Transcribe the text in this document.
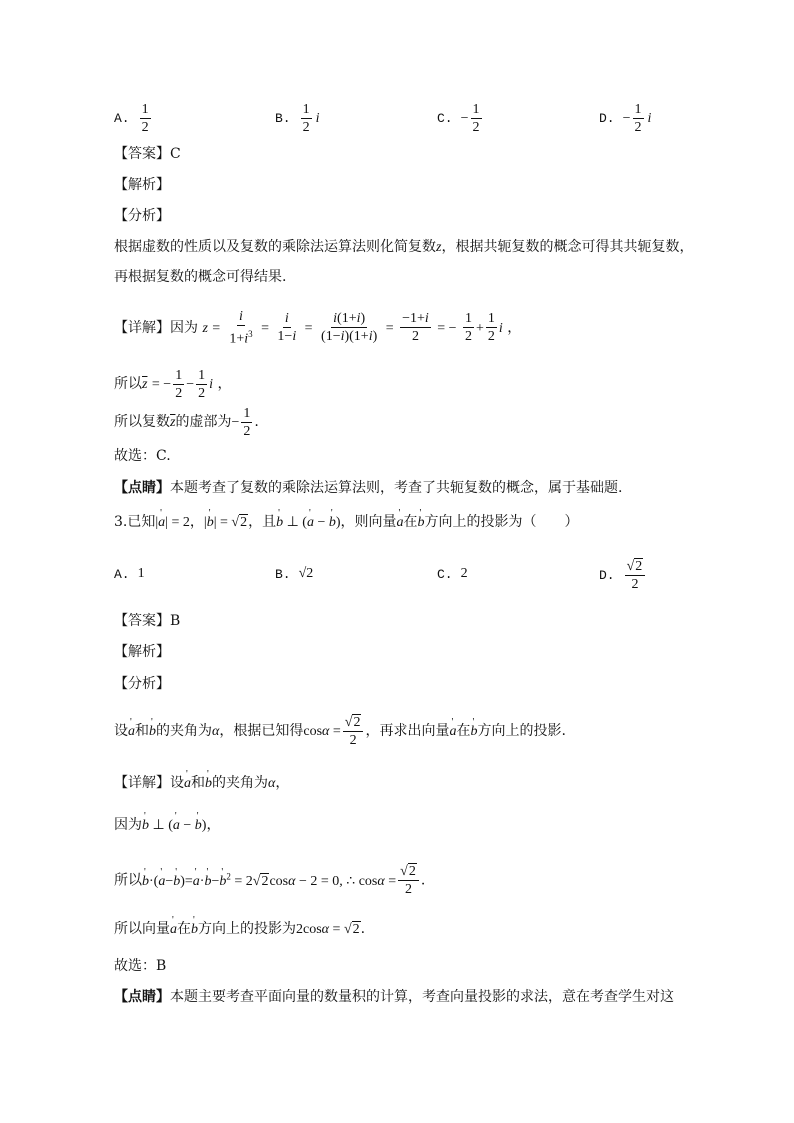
A. $\frac{1}{2}$	B. $\frac{1}{2}$ i	C. − $\frac{1}{2}$	D. − $\frac{1}{2}$ i
【答案】C
【解析】
【分析】
根据虚数的性质以及复数的乘除法运算法则化简复数z，根据共轭复数的概念可得其共轭复数，
再根据复数的概念可得结果.
【详解】因为 $z = \frac{i}{1+i^3} = \frac{i}{1-i} = \frac{i(1+i)}{(1-i)(1+i)} = \frac{-1+i}{2}$ = − $\frac{1}{2} + \frac{1}{2}$ i ，
所以$\overline{z}$ = − $\frac{1}{2} - \frac{1}{2}$ i ，
所以复数$\overline{z}$的虚部为− $\frac{1}{2}$ .
故选：C.
【点睛】本题考查了复数的乘除法运算法则，考查了共轭复数的概念，属于基础题.
3.已知|' a| = 2，|' b| = √2，且' b ⊥ (' a − ' b)，则向量' a在' b方向上的投影为（　　）
A. 1	B. √2	C. 2	D. $\frac{√2}{2}$
【答案】B
【解析】
【分析】
设' a和' b的夹角为α，根据已知得$\cos\alpha = \frac{√2}{2}$ ，再求出向量' a在' b方向上的投影.
【详解】设' a和' b的夹角为α，
因为' b ⊥ (' a − ' b)，
所以' b·(' a−' b)=' a·' b−' $b^2 = 2√2\cos\alpha - 2 = 0$, ∴ $\cos\alpha = \frac{√2}{2}$ .
所以向量' a在' b方向上的投影为2cosα = √2.
故选：B
【点睛】本题主要考查平面向量的数量积的计算，考查向量投影的求法，意在考查学生对这
